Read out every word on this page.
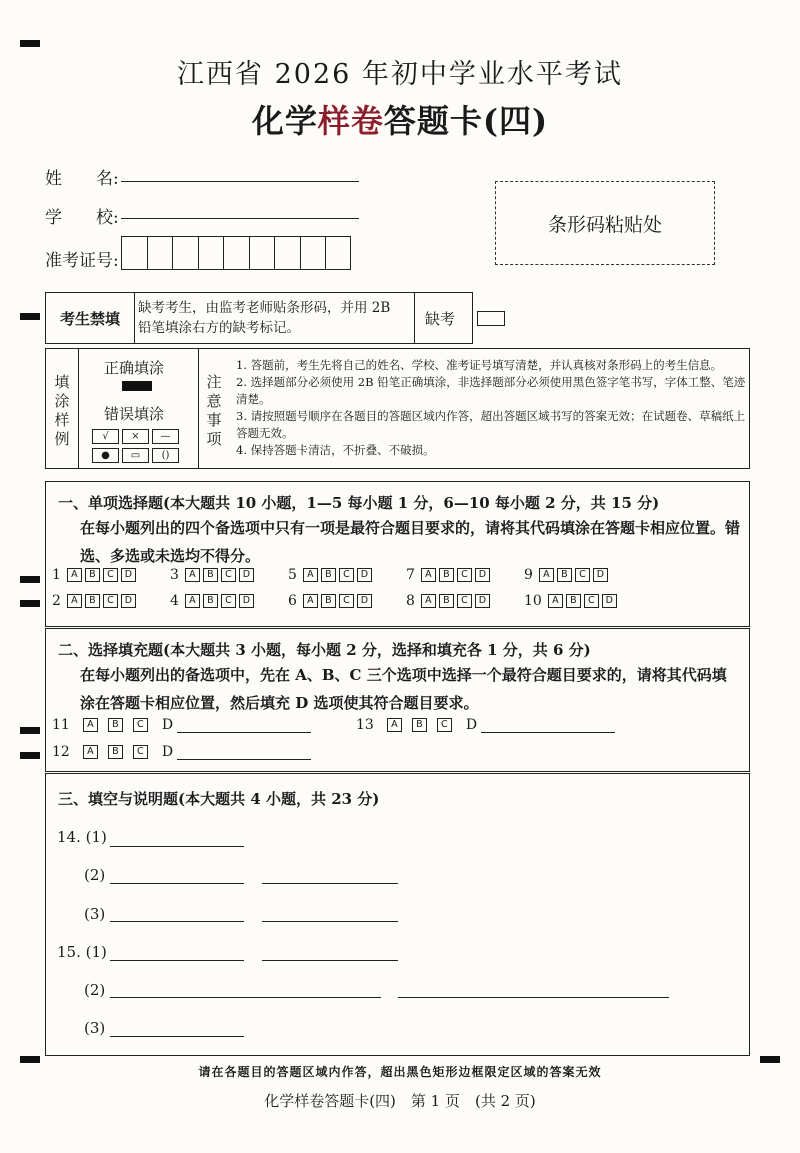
江西省 2026 年初中学业水平考试
化学样卷答题卡(四)
姓　　名:
学　　校:
准考证号:
条形码粘贴处
考生禁填
缺考考生，由监考老师贴条形码，并用 2B 铅笔填涂右方的缺考标记。	缺考
填
涂
样
例
正确填涂
错误填涂
√	×	—
●	▭	()
注
意
事
项
1. 答题前，考生先将自己的姓名、学校、准考证号填写清楚，并认真核对条形码上的考生信息。
2. 选择题部分必须使用 2B 铅笔正确填涂，非选择题部分必须使用黑色签字笔书写，字体工整、笔迹清楚。
3. 请按照题号顺序在各题目的答题区域内作答，超出答题区域书写的答案无效；在试题卷、草稿纸上答题无效。
4. 保持答题卡清洁，不折叠、不破损。
一、单项选择题(本大题共 10 小题，1—5 每小题 1 分，6—10 每小题 2 分，共 15 分)
在每小题列出的四个备选项中只有一项是最符合题目要求的，请将其代码填涂在答题卡相应位置。错选、多选或未选均不得分。
1	A	B	C	D	3	A	B	C	D	5	A	B	C	D	7	A	B	C	D	9	A	B	C	D
2	A	B	C	D	4	A	B	C	D	6	A	B	C	D	8	A	B	C	D	10	A	B	C	D
二、选择填充题(本大题共 3 小题，每小题 2 分，选择和填充各 1 分，共 6 分)
在每小题列出的备选项中，先在 A、B、C 三个选项中选择一个最符合题目要求的，请将其代码填涂在答题卡相应位置，然后填充 D 选项使其符合题目要求。
11	A	B	C D	13	A	B	C D
12	A	B	C D
三、填空与说明题(本大题共 4 小题，共 23 分)
14. (1)
(2)
(3)
15. (1)
(2)
(3)
请在各题目的答题区域内作答，超出黑色矩形边框限定区域的答案无效
化学样卷答题卡(四)　第 1 页　(共 2 页)
